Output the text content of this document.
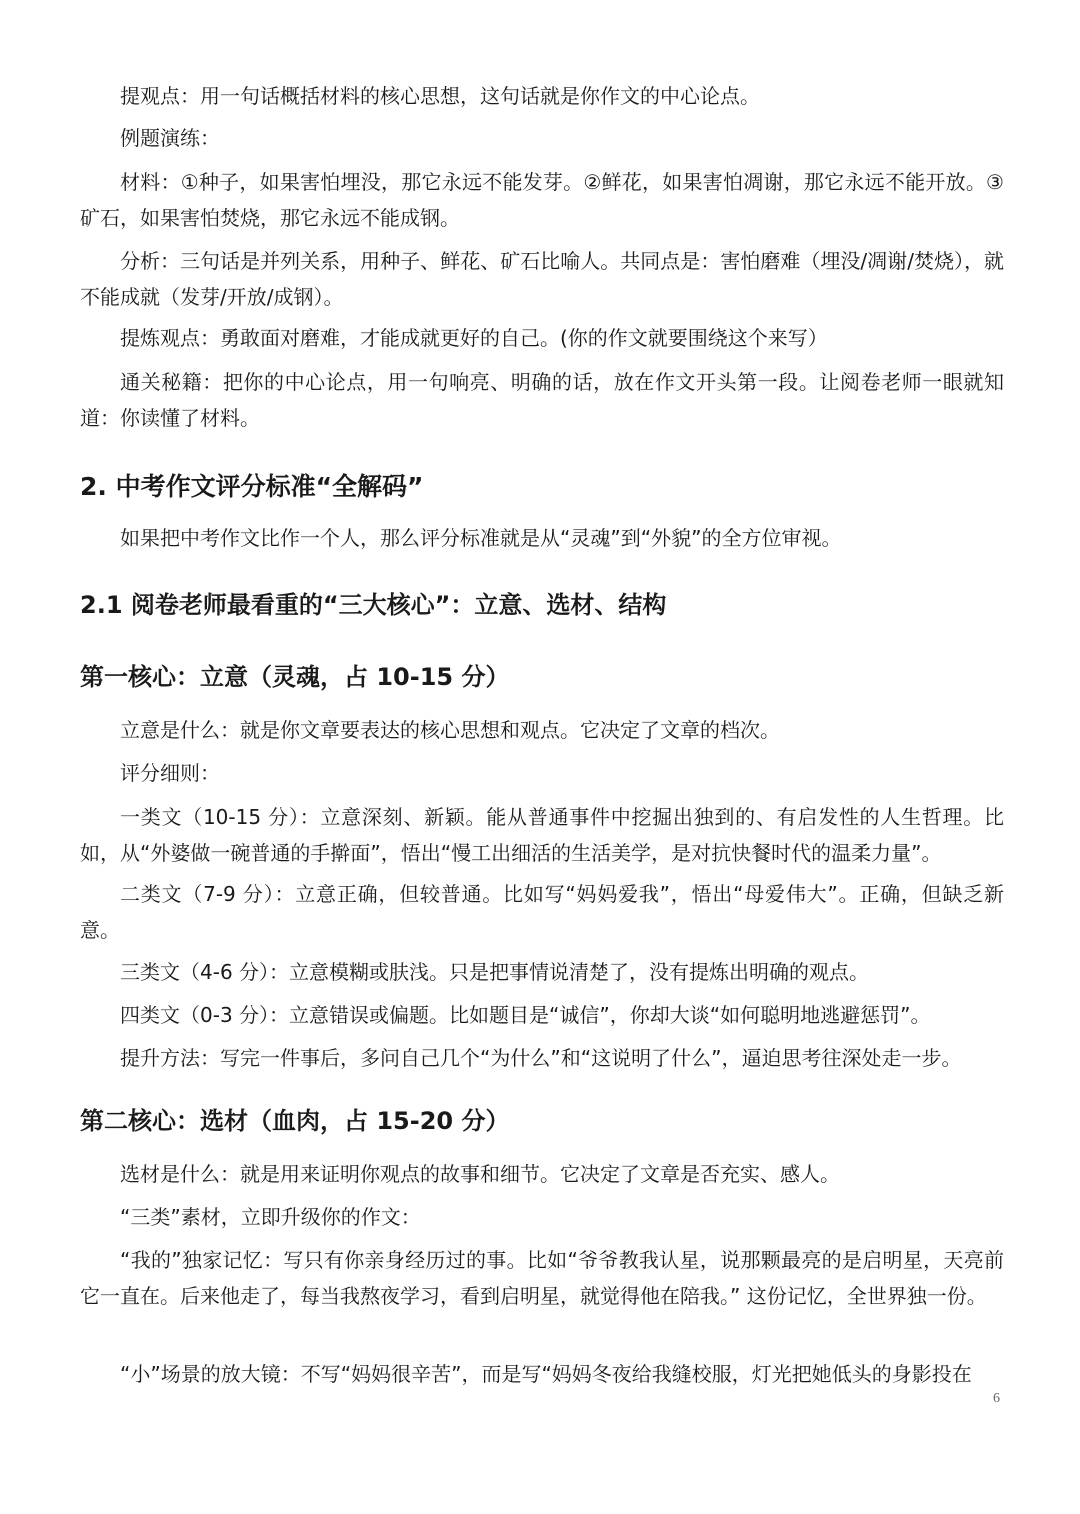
提观点：用一句话概括材料的核心思想，这句话就是你作文的中心论点。

例题演练：

材料：①种子，如果害怕埋没，那它永远不能发芽。②鲜花，如果害怕凋谢，那它永远不能开放。③矿石，如果害怕焚烧，那它永远不能成钢。

分析：三句话是并列关系，用种子、鲜花、矿石比喻人。共同点是：害怕磨难（埋没/凋谢/焚烧），就不能成就（发芽/开放/成钢）。

提炼观点：勇敢面对磨难，才能成就更好的自己。(你的作文就要围绕这个来写）

通关秘籍：把你的中心论点，用一句响亮、明确的话，放在作文开头第一段。让阅卷老师一眼就知道：你读懂了材料。

2. 中考作文评分标准“全解码”

如果把中考作文比作一个人，那么评分标准就是从“灵魂”到“外貌”的全方位审视。

2.1 阅卷老师最看重的“三大核心”：立意、选材、结构
第一核心：立意（灵魂，占 10-15 分）

立意是什么：就是你文章要表达的核心思想和观点。它决定了文章的档次。

评分细则：

一类文（10-15 分）：立意深刻、新颖。能从普通事件中挖掘出独到的、有启发性的人生哲理。比如，从“外婆做一碗普通的手擀面”，悟出“慢工出细活的生活美学，是对抗快餐时代的温柔力量”。

二类文（7-9 分）：立意正确，但较普通。比如写“妈妈爱我”，悟出“母爱伟大”。正确，但缺乏新意。

三类文（4-6 分）：立意模糊或肤浅。只是把事情说清楚了，没有提炼出明确的观点。

四类文（0-3 分）：立意错误或偏题。比如题目是“诚信”，你却大谈“如何聪明地逃避惩罚”。

提升方法：写完一件事后，多问自己几个“为什么”和“这说明了什么”，逼迫思考往深处走一步。

第二核心：选材（血肉，占 15-20 分）

选材是什么：就是用来证明你观点的故事和细节。它决定了文章是否充实、感人。

“三类”素材，立即升级你的作文：

“我的”独家记忆：写只有你亲身经历过的事。比如“爷爷教我认星，说那颗最亮的是启明星，天亮前它一直在。后来他走了，每当我熬夜学习，看到启明星，就觉得他在陪我。” 这份记忆，全世界独一份。

“小”场景的放大镜：不写“妈妈很辛苦”，而是写“妈妈冬夜给我缝校服，灯光把她低头的身影投在

6
